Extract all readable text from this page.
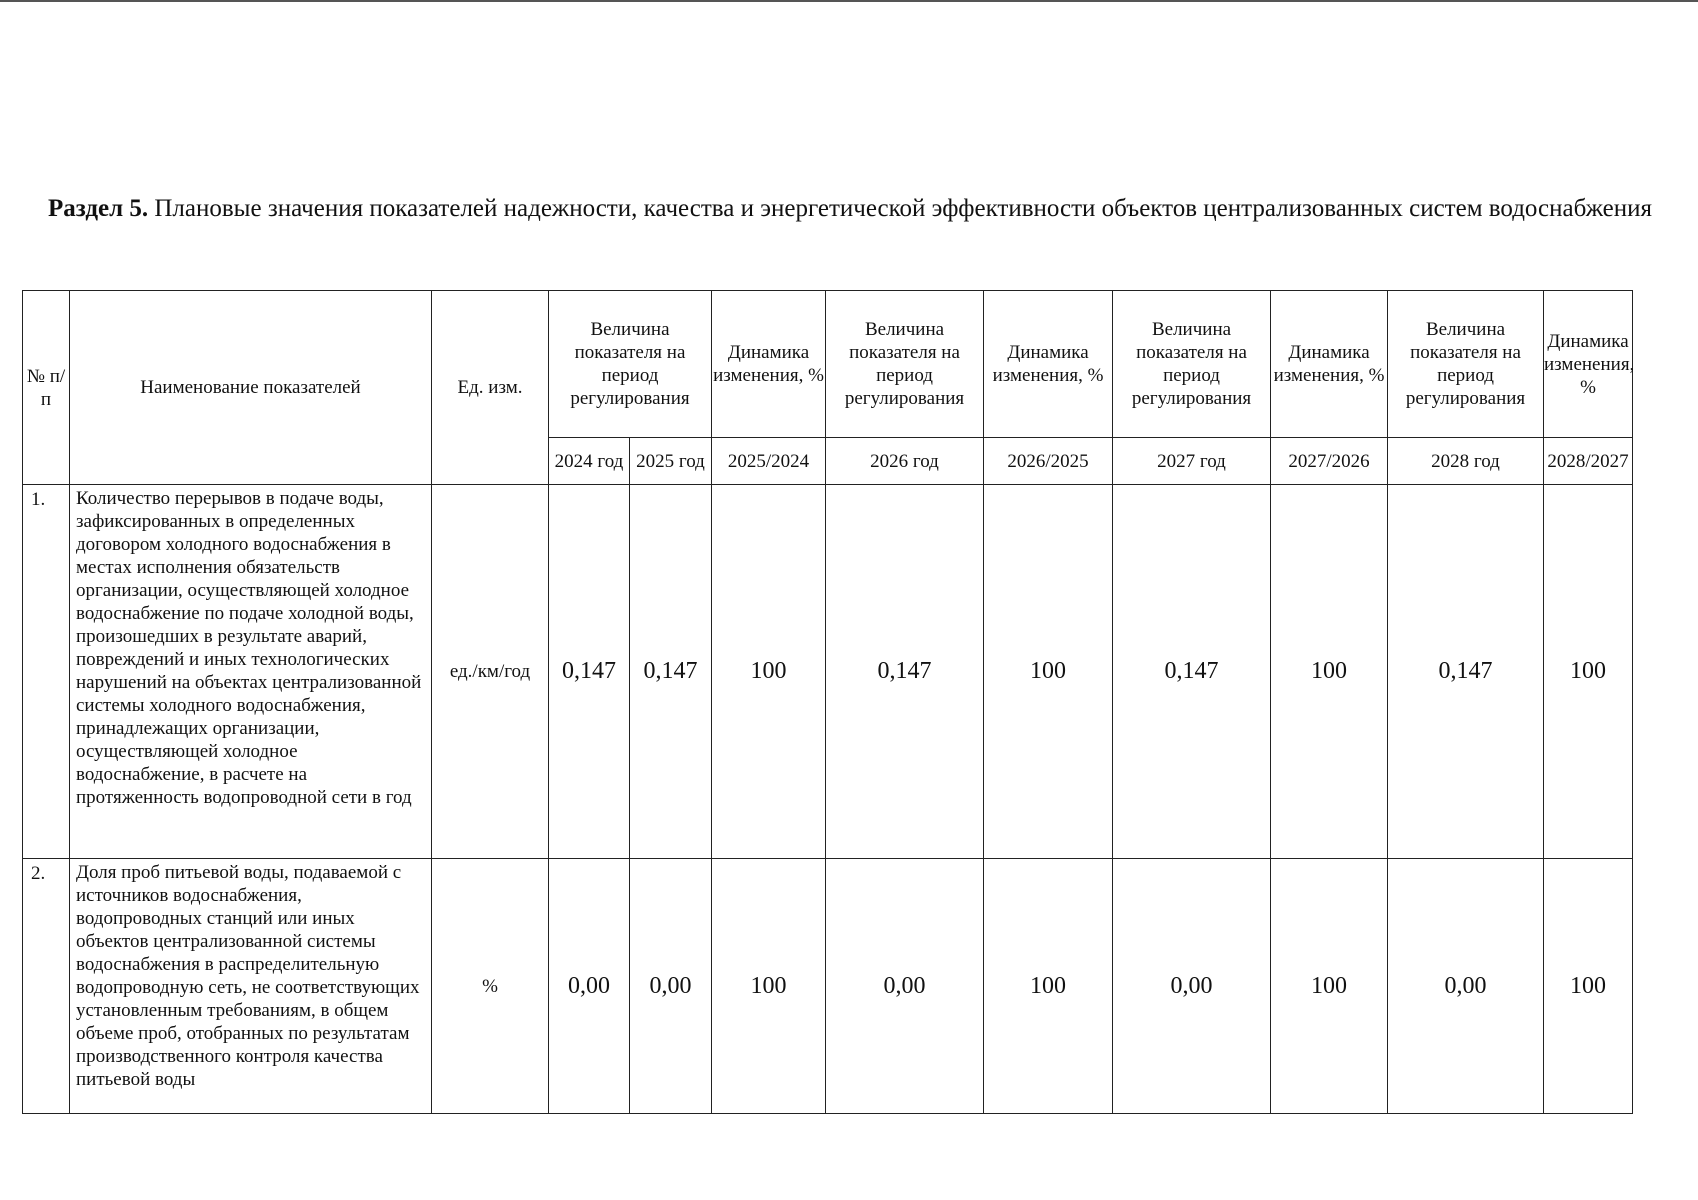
Раздел 5. Плановые значения показателей надежности, качества и энергетической эффективности объектов централизованных систем водоснабжения
№ п/п	Наименование показателей	Ед. изм.	Величина показателя на период регулирования		Динамика изменения, %	Величина показателя на период регулирования	Динамика изменения, %	Величина показателя на период регулирования	Динамика изменения, %	Величина показателя на период регулирования	Динамика изменения, %
			2024 год	2025 год	2025/2024	2026 год	2026/2025	2027 год	2027/2026	2028 год	2028/2027
1.	Количество перерывов в подаче воды, зафиксированных в определенных договором холодного водоснабжения в местах исполнения обязательств организации, осуществляющей холодное водоснабжение по подаче холодной воды, произошедших в результате аварий, повреждений и иных технологических нарушений на объектах централизованной системы холодного водоснабжения, принадлежащих организации, осуществляющей холодное водоснабжение, в расчете на протяженность водопроводной сети в год	ед./км/год	0,147	0,147	100	0,147	100	0,147	100	0,147	100
2.	Доля проб питьевой воды, подаваемой с источников водоснабжения, водопроводных станций или иных объектов централизованной системы водоснабжения в распределительную водопроводную сеть, не соответствующих установленным требованиям, в общем объеме проб, отобранных по результатам производственного контроля качества питьевой воды	%	0,00	0,00	100	0,00	100	0,00	100	0,00	100
